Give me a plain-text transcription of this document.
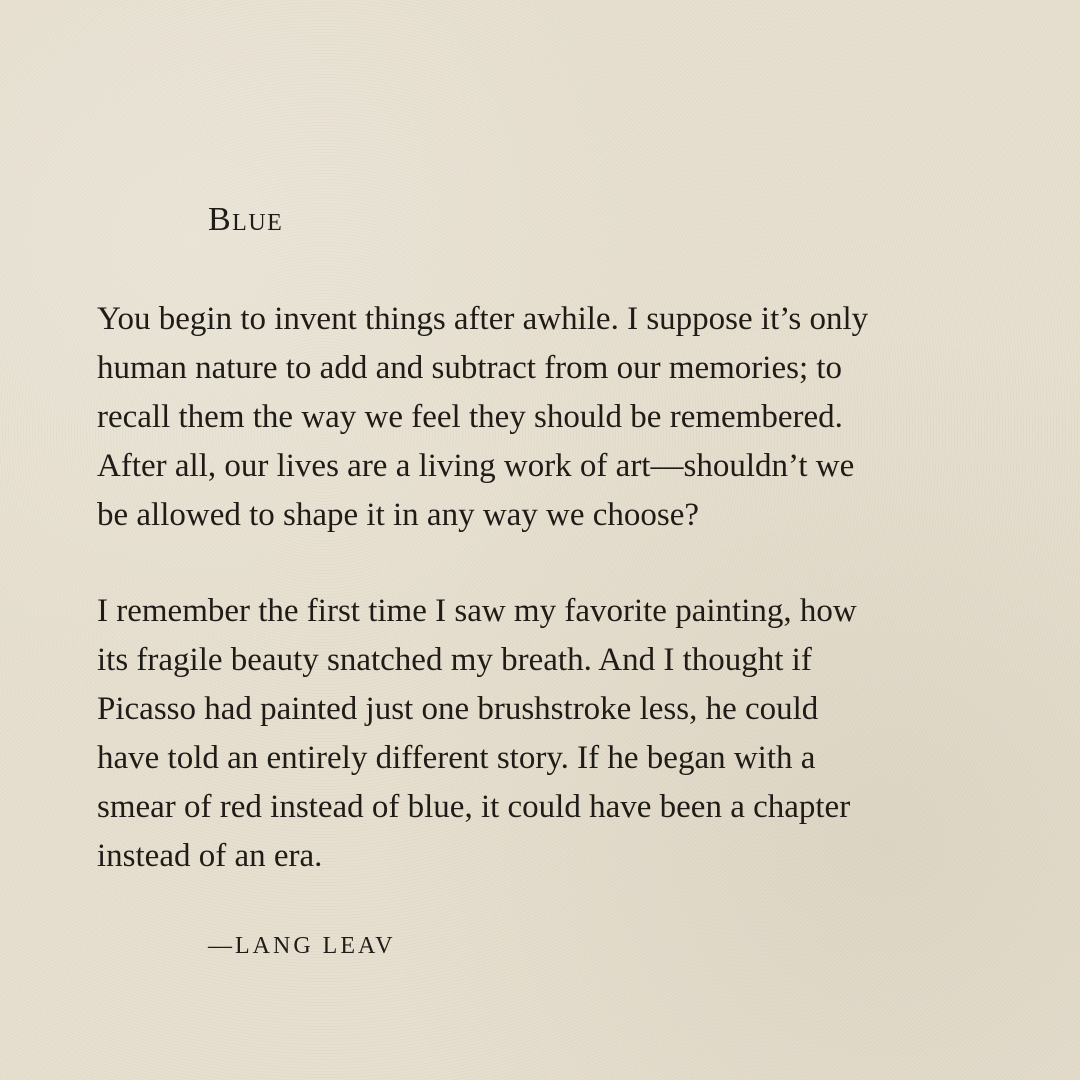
Blue

You begin to invent things after awhile. I suppose it’s only
human nature to add and subtract from our memories; to
recall them the way we feel they should be remembered.
After all, our lives are a living work of art—shouldn’t we
be allowed to shape it in any way we choose?

I remember the first time I saw my favorite painting, how
its fragile beauty snatched my breath. And I thought if
Picasso had painted just one brushstroke less, he could
have told an entirely different story. If he began with a
smear of red instead of blue, it could have been a chapter
instead of an era.

—LANG LEAV
